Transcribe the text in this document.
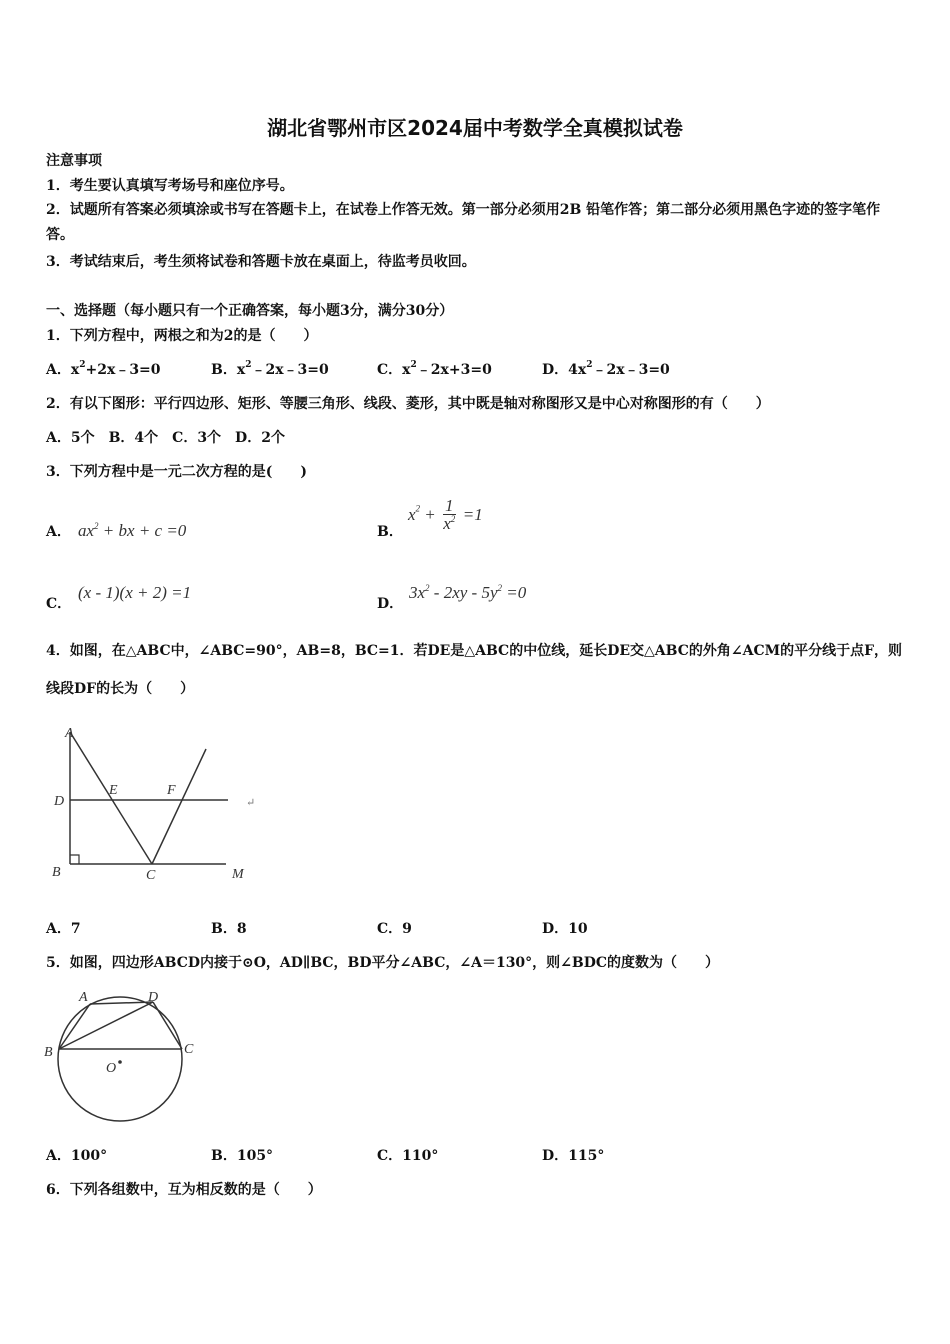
湖北省鄂州市区2024届中考数学全真模拟试卷
注意事项
1．考生要认真填写考场号和座位序号。
2．试题所有答案必须填涂或书写在答题卡上，在试卷上作答无效。第一部分必须用2B 铅笔作答；第二部分必须用黑色字迹的签字笔作答。
3．考试结束后，考生须将试卷和答题卡放在桌面上，待监考员收回。
一、选择题（每小题只有一个正确答案，每小题3分，满分30分）
1．下列方程中，两根之和为2的是（　　）
A．$x^2+2x﹣3=0$	B．$x^2﹣2x﹣3=0$	C．$x^2﹣2x+3=0$	D．$4x^2﹣2x﹣3=0$
2．有以下图形：平行四边形、矩形、等腰三角形、线段、菱形，其中既是轴对称图形又是中心对称图形的有（　　）
A．5个　B．4个　C．3个　D．2个
3．下列方程中是一元二次方程的是(　　)
A． $ax^2$ + bx + c =0	B．
$x^2 + \frac{1}{x^2} =1$
C．
(x - 1)(x + 2) =1
D．
$3x^2 - 2xy - 5y^2 =0$
4．如图，在△ABC中，∠ABC=90°，AB=8，BC=1．若DE是△ABC的中位线，延长DE交△ABC的外角∠ACM的平分线于点F，则线段DF的长为（　　）
A
D
E	F
B	C	M
↵
A．7	B．8	C．9	D．10
5．如图，四边形ABCD内接于⊙O，AD∥BC，BD平分∠ABC，∠A＝130°，则∠BDC的度数为（　　）
A	D
B	C
O
A．100°	B．105°	C．110°	D．115°
6．下列各组数中，互为相反数的是（　　）
